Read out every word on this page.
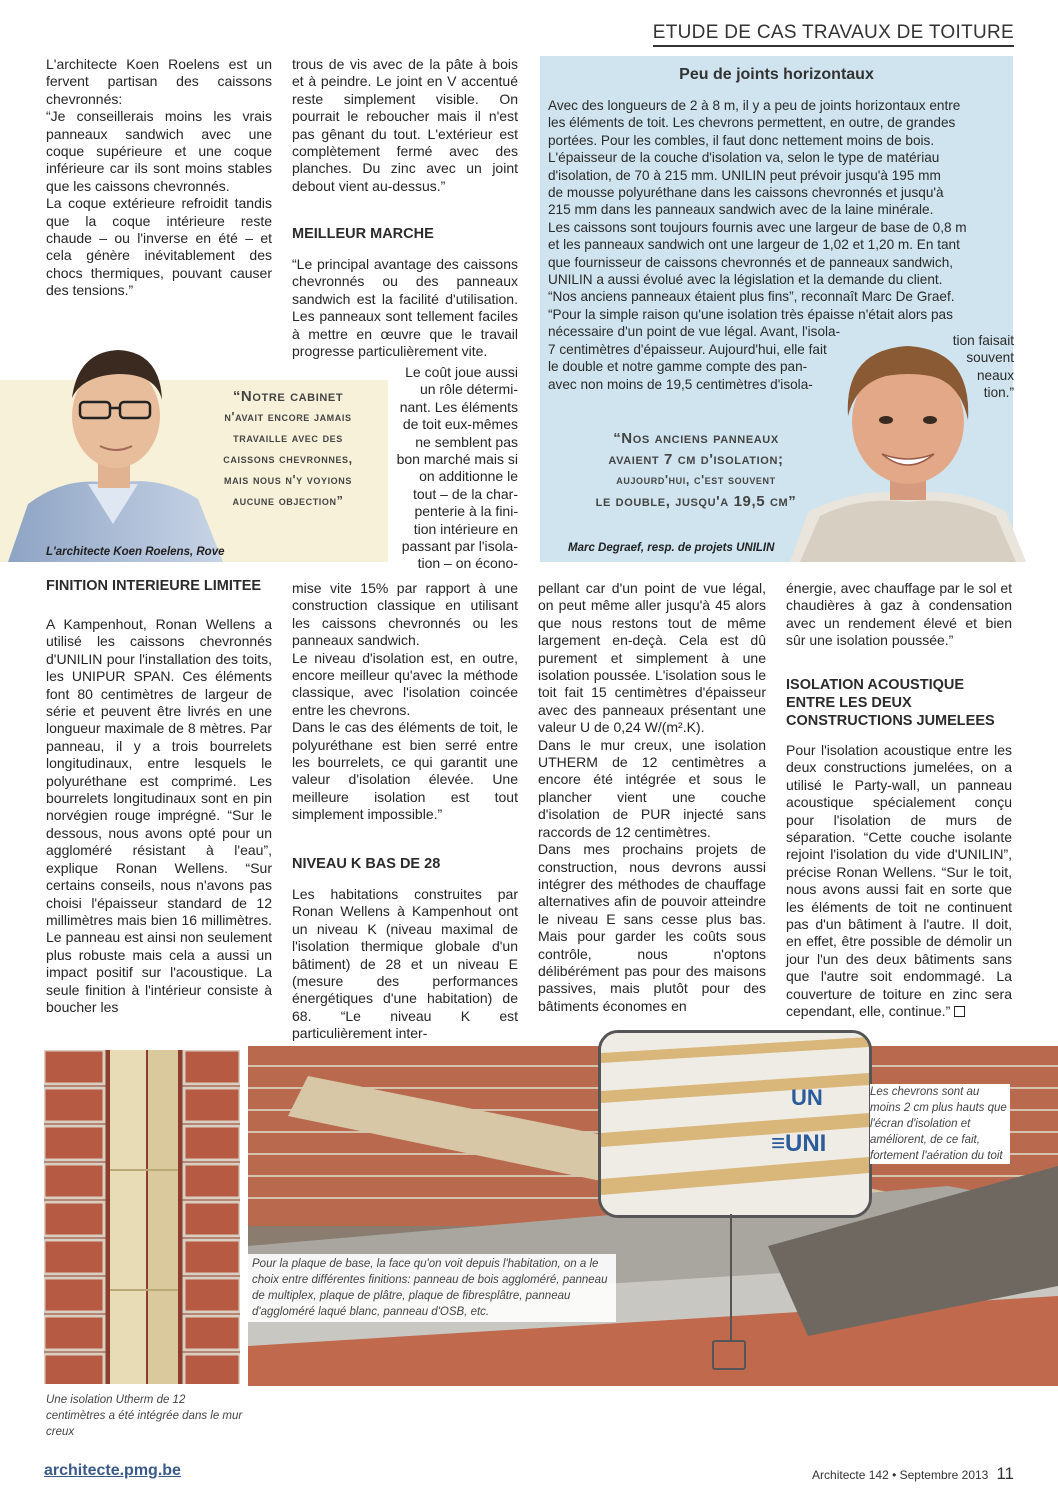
ETUDE DE CAS TRAVAUX DE TOITURE

L'architecte Koen Roelens est un fervent partisan des caissons chevronnés:

“Je conseillerais moins les vrais panneaux sandwich avec une coque supérieure et une coque inférieure car ils sont moins stables que les caissons chevronnés.

La coque extérieure refroidit tandis que la coque intérieure reste chaude – ou l'inverse en été – et cela génère inévitablement des chocs thermiques, pouvant causer des tensions.”

“Notre cabinet
n'avait encore jamais
travaille avec des
caissons chevronnes,
mais nous n'y voyions
aucune objection”
L'architecte Koen Roelens, Rove

trous de vis avec de la pâte à bois et à peindre. Le joint en V accentué reste simplement visible. On pourrait le reboucher mais il n'est pas gênant du tout. L'extérieur est complètement fermé avec des planches. Du zinc avec un joint debout vient au-dessus.”

MEILLEUR MARCHE

“Le principal avantage des caissons chevronnés ou des panneaux sandwich est la facilité d'utilisation. Les panneaux sont tellement faciles à mettre en œuvre que le travail progresse particulièrement vite.

Le coût joue aussi
un rôle détermi-
nant. Les éléments
de toit eux-mêmes
ne semblent pas
bon marché mais si
on additionne le
tout – de la char-
penterie à la fini-
tion intérieure en
passant par l'isola-
tion – on écono-

mise vite 15% par rapport à une construction classique en utilisant les caissons chevronnés ou les panneaux sandwich.

Le niveau d'isolation est, en outre, encore meilleur qu'avec la méthode classique, avec l'isolation coincée entre les chevrons.

Dans le cas des éléments de toit, le polyuréthane est bien serré entre les bourrelets, ce qui garantit une valeur d'isolation élevée. Une meilleure isolation est tout simplement impossible.”

NIVEAU K BAS DE 28

Les habitations construites par Ronan Wellens à Kampenhout ont un niveau K (niveau maximal de l'isolation thermique globale d'un bâtiment) de 28 et un niveau E (mesure des performances énergétiques d'une habitation) de 68. “Le niveau K est particulièrement inter-

FINITION INTERIEURE LIMITEE

A Kampenhout, Ronan Wellens a utilisé les caissons chevronnés d'UNILIN pour l'installation des toits, les UNIPUR SPAN. Ces éléments font 80 centimètres de largeur de série et peuvent être livrés en une longueur maximale de 8 mètres. Par panneau, il y a trois bourrelets longitudinaux, entre lesquels le polyuréthane est comprimé. Les bourrelets longitudinaux sont en pin norvégien rouge imprégné. “Sur le dessous, nous avons opté pour un aggloméré résistant à l'eau”, explique Ronan Wellens. “Sur certains conseils, nous n'avons pas choisi l'épaisseur standard de 12 millimètres mais bien 16 millimètres. Le panneau est ainsi non seulement plus robuste mais cela a aussi un impact positif sur l'acoustique. La seule finition à l'intérieur consiste à boucher les

Peu de joints horizontaux
Avec des longueurs de 2 à 8 m, il y a peu de joints horizontaux entre
les éléments de toit. Les chevrons permettent, en outre, de grandes
portées. Pour les combles, il faut donc nettement moins de bois.
L'épaisseur de la couche d'isolation va, selon le type de matériau
d'isolation, de 70 à 215 mm. UNILIN peut prévoir jusqu'à 195 mm
de mousse polyuréthane dans les caissons chevronnés et jusqu'à
215 mm dans les panneaux sandwich avec de la laine minérale.
Les caissons sont toujours fournis avec une largeur de base de 0,8 m
et les panneaux sandwich ont une largeur de 1,02 et 1,20 m. En tant
que fournisseur de caissons chevronnés et de panneaux sandwich,
UNILIN a aussi évolué avec la législation et la demande du client.
“Nos anciens panneaux étaient plus fins”, reconnaît Marc De Graef.
“Pour la simple raison qu'une isolation très épaisse n'était alors pas
nécessaire d'un point de vue légal. Avant, l'isola-
7 centimètres d'épaisseur. Aujourd'hui, elle fait
le double et notre gamme compte des pan-
avec non moins de 19,5 centimètres d'isola-
tion faisait
souvent
neaux
tion.”
“Nos anciens panneaux
avaient 7 cm d'isolation;
aujourd'hui, c'est souvent
le double, jusqu'a 19,5 cm”
Marc Degraef, resp. de projets UNILIN

pellant car d'un point de vue légal, on peut même aller jusqu'à 45 alors que nous restons tout de même largement en-deçà. Cela est dû purement et simplement à une isolation poussée. L'isolation sous le toit fait 15 centimètres d'épaisseur avec des panneaux présentant une valeur U de 0,24 W/(m².K).

Dans le mur creux, une isolation UTHERM de 12 centimètres a encore été intégrée et sous le plancher vient une couche d'isolation de PUR injecté sans raccords de 12 centimètres.

Dans mes prochains projets de construction, nous devrons aussi intégrer des méthodes de chauffage alternatives afin de pouvoir atteindre le niveau E sans cesse plus bas. Mais pour garder les coûts sous contrôle, nous n'optons délibérément pas pour des maisons passives, mais plutôt pour des bâtiments économes en

énergie, avec chauffage par le sol et chaudières à gaz à condensation avec un rendement élevé et bien sûr une isolation poussée.”

ISOLATION ACOUSTIQUE ENTRE LES DEUX CONSTRUCTIONS JUMELEES

Pour l'isolation acoustique entre les deux constructions jumelées, on a utilisé le Party-wall, un panneau acoustique spécialement conçu pour l'isolation de murs de séparation. “Cette couche isolante rejoint l'isolation du vide d'UNILIN”, précise Ronan Wellens. “Sur le toit, nous avons aussi fait en sorte que les éléments de toit ne continuent pas d'un bâtiment à l'autre. Il doit, en effet, être possible de démolir un jour l'un des deux bâtiments sans que l'autre soit endommagé. La couverture de toiture en zinc sera cependant, elle, continue.”

UN
≡UNI
Une isolation Utherm de 12 centimètres a été intégrée dans le mur creux
Pour la plaque de base, la face qu'on voit depuis l'habitation, on a le choix entre différentes finitions: panneau de bois aggloméré, panneau de multiplex, plaque de plâtre, plaque de fibresplâtre, panneau d'aggloméré laqué blanc, panneau d'OSB, etc.
Les chevrons sont au moins 2 cm plus hauts que l'écran d'isolation et améliorent, de ce fait, fortement l'aération du toit
architecte.pmg.be	Architecte 142 • Septembre 2013 11
